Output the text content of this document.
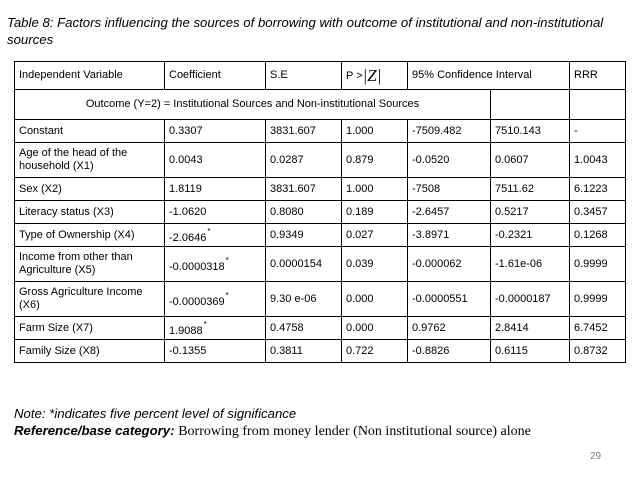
Table 8: Factors influencing the sources of borrowing with outcome of institutional and non-institutional sources
Independent Variable	Coefficient	S.E	P >|Z|	95% Confidence Interval		RRR
Outcome (Y=2) = Institutional Sources and Non-institutional Sources						
Constant	0.3307	3831.607	1.000	-7509.482	7510.143	-
Age of the head of the household (X1)	0.0043	0.0287	0.879	-0.0520	0.0607	1.0043
Sex (X2)	1.8119	3831.607	1.000	-7508	7511.62	6.1223
Literacy status (X3)	-1.0620	0.8080	0.189	-2.6457	0.5217	0.3457
Type of Ownership (X4)	-2.0646*	0.9349	0.027	-3.8971	-0.2321	0.1268
Income from other than Agriculture (X5)	-0.0000318*	0.0000154	0.039	-0.000062	-1.61e-06	0.9999
Gross Agriculture Income (X6)	-0.0000369*	9.30 e-06	0.000	-0.0000551	-0.0000187	0.9999
Farm Size (X7)	1.9088*	0.4758	0.000	0.9762	2.8414	6.7452
Family Size (X8)	-0.1355	0.3811	0.722	-0.8826	0.6115	0.8732
Note: *indicates five percent level of significance
Reference/base category: Borrowing from money lender (Non institutional source) alone
29
